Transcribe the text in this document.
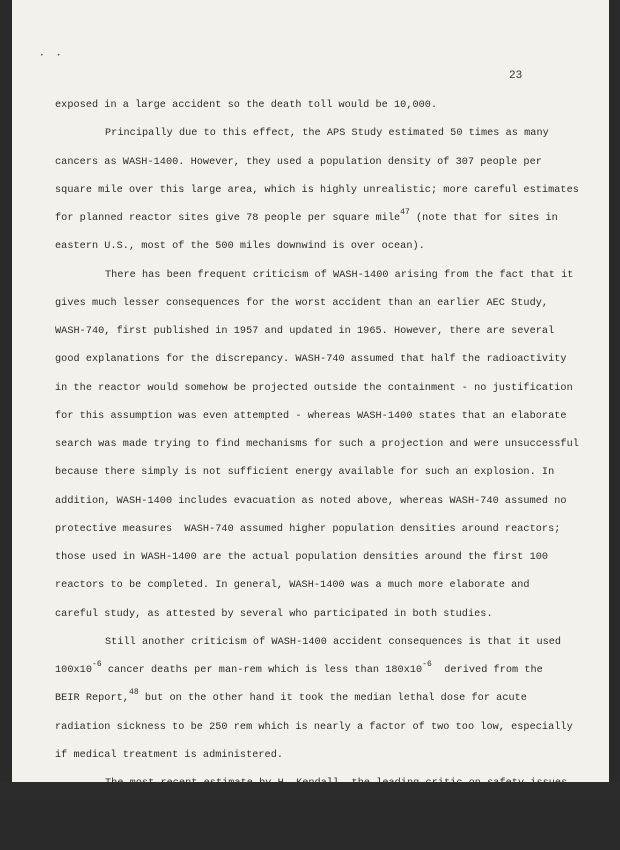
•       •
23
exposed in a large accident so the death toll would be 10,000.
Principally due to this effect, the APS Study estimated 50 times as many
cancers as WASH-1400. However, they used a population density of 307 people per
square mile over this large area, which is highly unrealistic; more careful estimates
for planned reactor sites give 78 people per square mile$^{47}$ (note that for sites in
eastern U.S., most of the 500 miles downwind is over ocean).
There has been frequent criticism of WASH-1400 arising from the fact that it
gives much lesser consequences for the worst accident than an earlier AEC Study,
WASH-740, first published in 1957 and updated in 1965. However, there are several
good explanations for the discrepancy. WASH-740 assumed that half the radioactivity
in the reactor would somehow be projected outside the containment - no justification
for this assumption was even attempted - whereas WASH-1400 states that an elaborate
search was made trying to find mechanisms for such a projection and were unsuccessful
because there simply is not sufficient energy available for such an explosion. In
addition, WASH-1400 includes evacuation as noted above, whereas WASH-740 assumed no
protective measures  WASH-740 assumed higher population densities around reactors;
those used in WASH-1400 are the actual population densities around the first 100
reactors to be completed. In general, WASH-1400 was a much more elaborate and
careful study, as attested by several who participated in both studies.
Still another criticism of WASH-1400 accident consequences is that it used
$100x10^{-6}$ cancer deaths per man-rem which is less than $180x10^{-6}$  derived from the
BEIR Report,$^{48}$ but on the other hand it took the median lethal dose for acute
radiation sickness to be 250 rem which is nearly a factor of two too low, especially
if medical treatment is administered.
is that the WASH-1400 consequences for acute deaths, cancer, and genetic defects should
be multiplied by about 12, 50, and 25 respectively.$^{49}$  The first two of these combined
